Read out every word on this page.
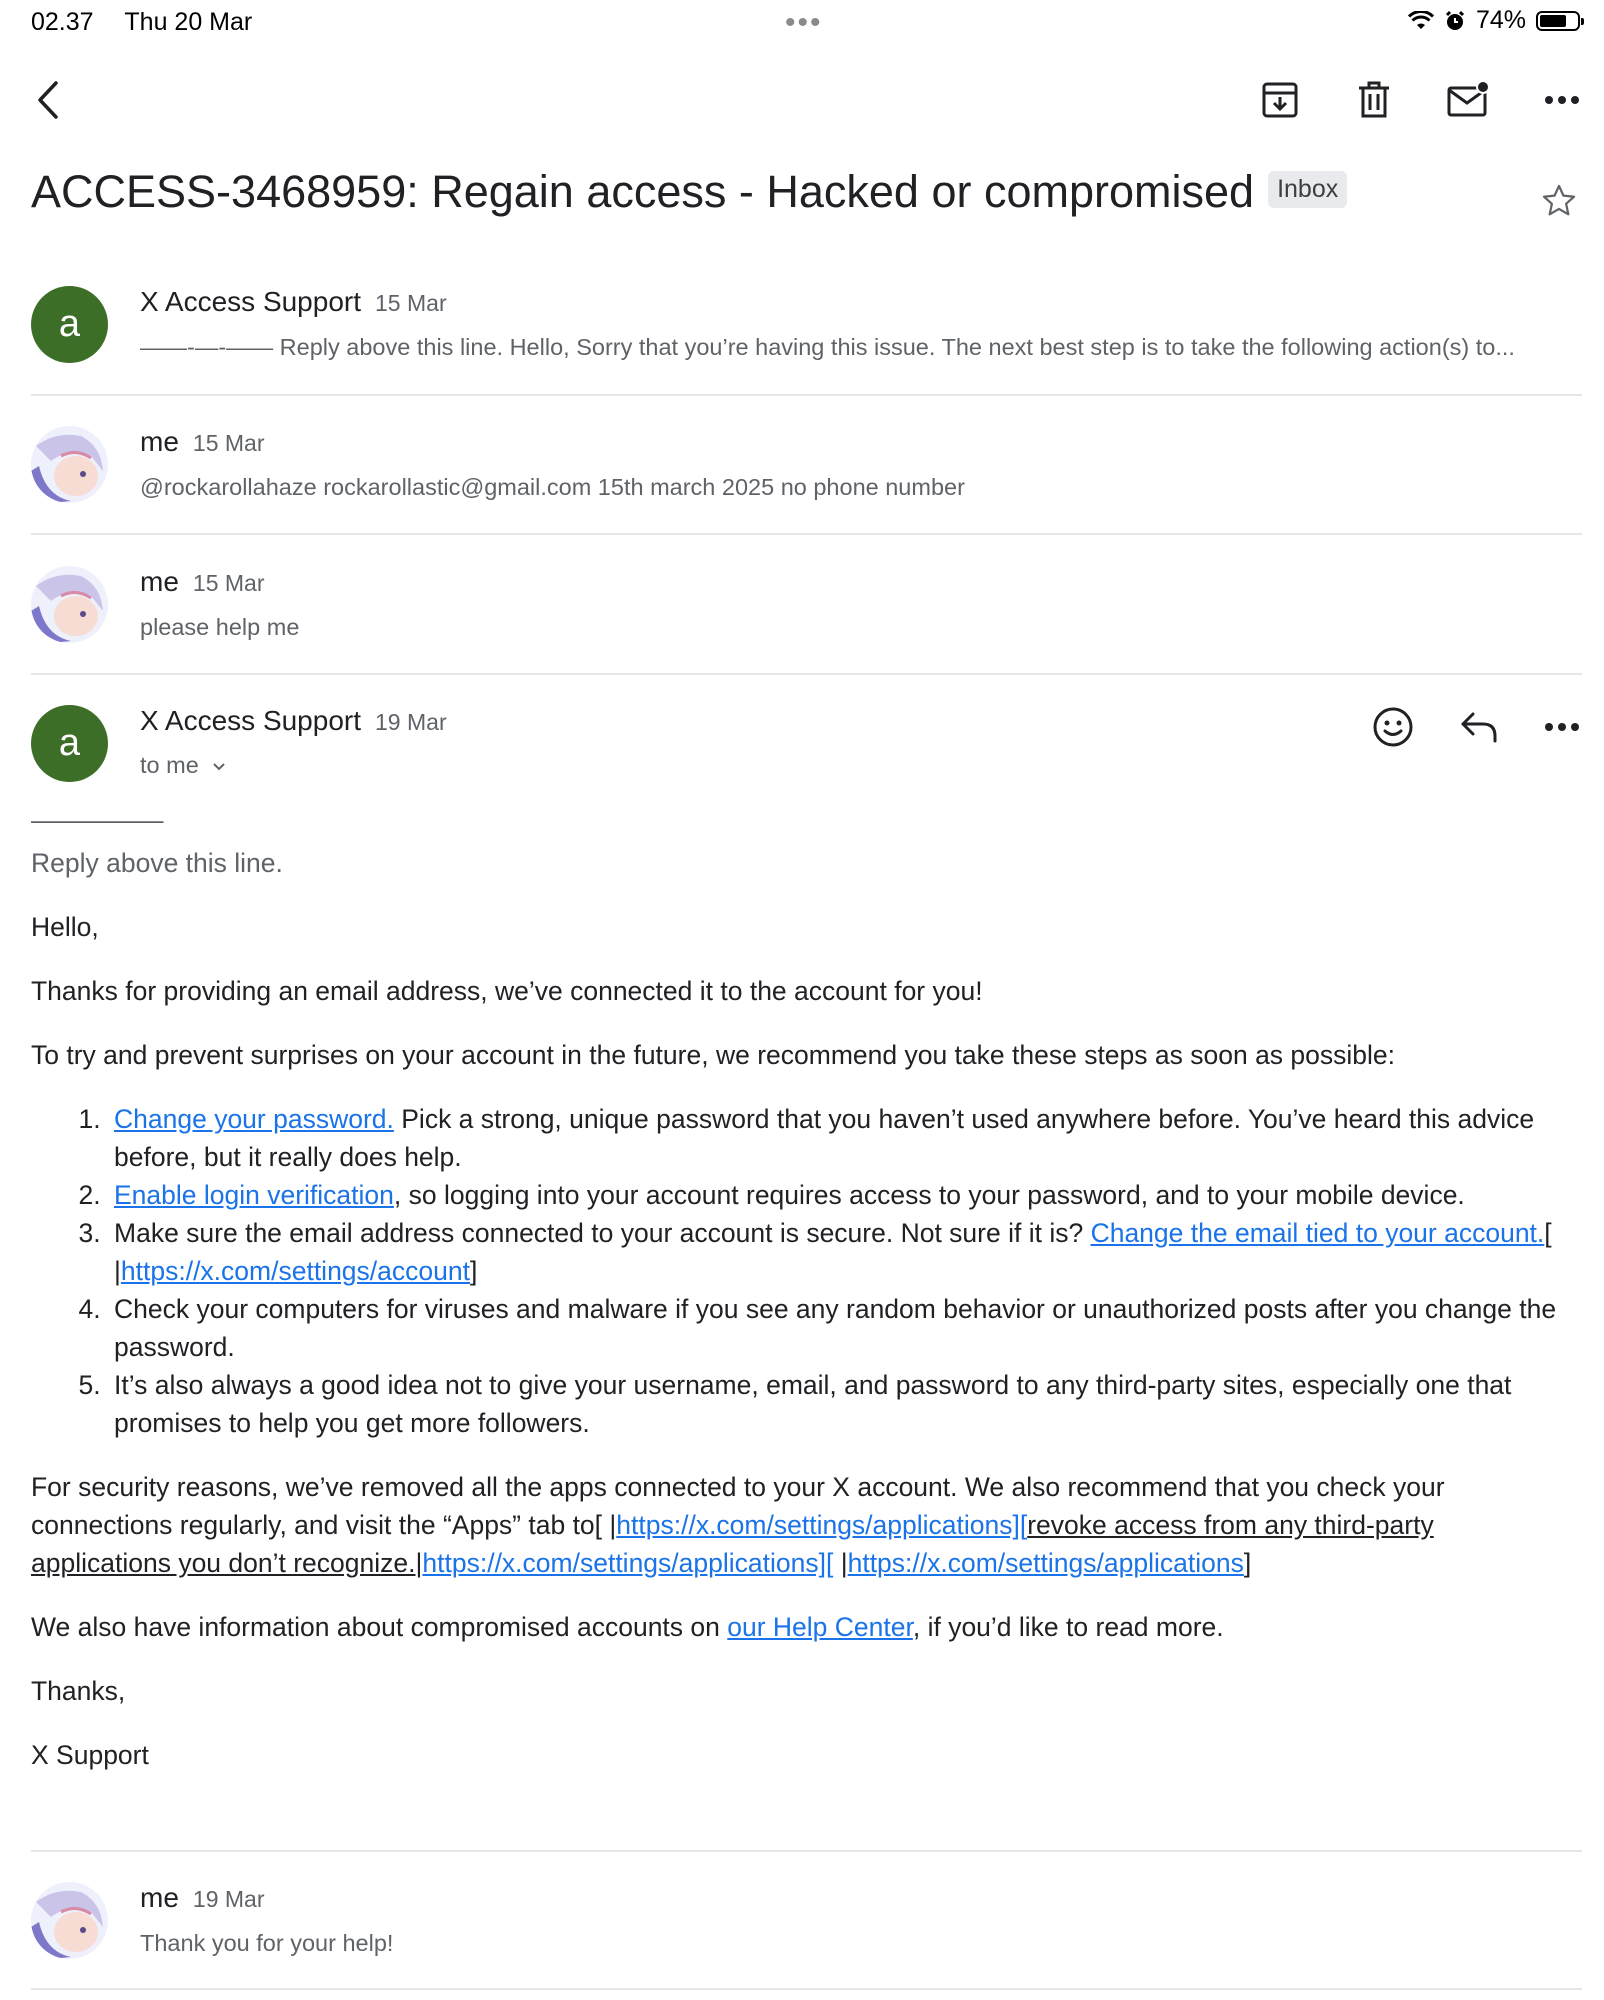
02.37 Thu 20 Mar	•••	74%
ACCESS-3468959: Regain access - Hacked or compromised Inbox
a
X Access Support 15 Mar
——-—-—— Reply above this line. Hello, Sorry that you’re having this issue. The next best step is to take the following action(s) to...
me 15 Mar
@rockarollahaze rockarollastic@gmail.com 15th march 2025 no phone number
me 15 Mar
please help me
a
X Access Support 19 Mar
to me
—————

Reply above this line.

Hello,

Thanks for providing an email address, we’ve connected it to the account for you!

To try and prevent surprises on your account in the future, we recommend you take these steps as soon as possible:

1. Change your password. Pick a strong, unique password that you haven’t used anywhere before. You’ve heard this advice before, but it really does help.
2. Enable login verification, so logging into your account requires access to your password, and to your mobile device.
3. Make sure the email address connected to your account is secure. Not sure if it is? Change the email tied to your account.[ |https://x.com/settings/account]
4. Check your computers for viruses and malware if you see any random behavior or unauthorized posts after you change the password.
5. It’s also always a good idea not to give your username, email, and password to any third-party sites, especially one that promises to help you get more followers.

For security reasons, we’ve removed all the apps connected to your X account. We also recommend that you check your connections regularly, and visit the “Apps” tab to[ |https://x.com/settings/applications][revoke access from any third-party applications you don’t recognize.|https://x.com/settings/applications][ |https://x.com/settings/applications]

We also have information about compromised accounts on our Help Center, if you’d like to read more.

Thanks,

X Support

me 19 Mar
Thank you for your help!
